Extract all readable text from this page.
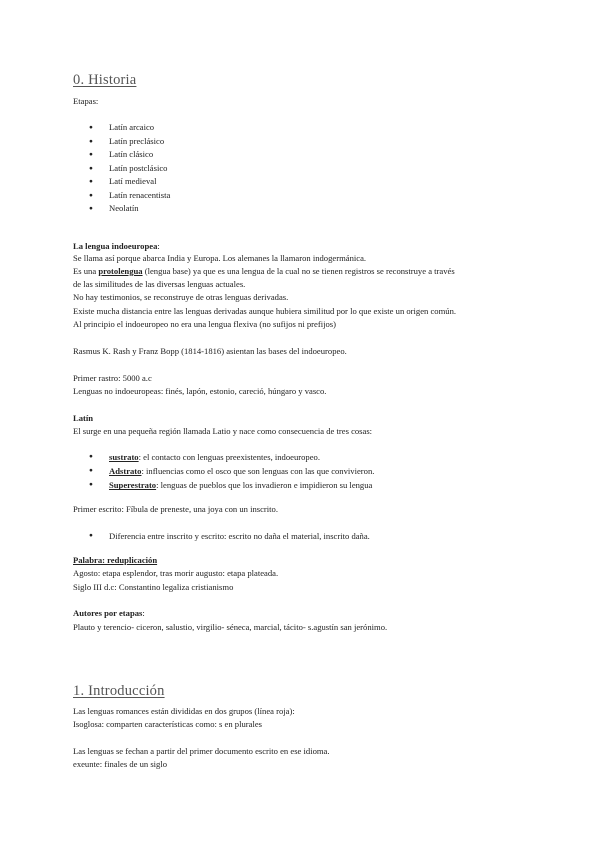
0. Historia
Etapas:
● Latín arcaico
● Latín preclásico
● Latín clásico
● Latín postclásico
● Latí medieval
● Latín renacentista
● Neolatín
La lengua indoeuropea:
Se llama así porque abarca India y Europa. Los alemanes la llamaron indogermánica.
Es una protolengua (lengua base) ya que es una lengua de la cual no se tienen registros se reconstruye a través
de las similitudes de las diversas lenguas actuales.
No hay testimonios, se reconstruye de otras lenguas derivadas.
Existe mucha distancia entre las lenguas derivadas aunque hubiera similitud por lo que existe un origen común.
Al principio el indoeuropeo no era una lengua flexiva (no sufijos ni prefijos)
Rasmus K. Rash y Franz Bopp (1814-1816) asientan las bases del indoeuropeo.
Primer rastro: 5000 a.c
Lenguas no indoeuropeas: finés, lapón, estonio, careció, húngaro y vasco.
Latín
El surge en una pequeña región llamada Latio y nace como consecuencia de tres cosas:
● sustrato: el contacto con lenguas preexistentes, indoeuropeo.
● Adstrato: influencias como el osco que son lenguas con las que convivieron.
● Superestrato: lenguas de pueblos que los invadieron e impidieron su lengua
Primer escrito: Fíbula de preneste, una joya con un inscrito.
● Diferencia entre inscrito y escrito: escrito no daña el material, inscrito daña.
Palabra: reduplicación
Agosto: etapa esplendor, tras morir augusto: etapa plateada.
Siglo III d.c: Constantino legaliza cristianismo
Autores por etapas:
Plauto y terencio- ciceron, salustio, virgilio- séneca, marcial, tácito- s.agustín san jerónimo.
1. Introducción
Las lenguas romances están divididas en dos grupos (línea roja):
Isoglosa: comparten características como: s en plurales
Las lenguas se fechan a partir del primer documento escrito en ese idioma.
exeunte: finales de un siglo
